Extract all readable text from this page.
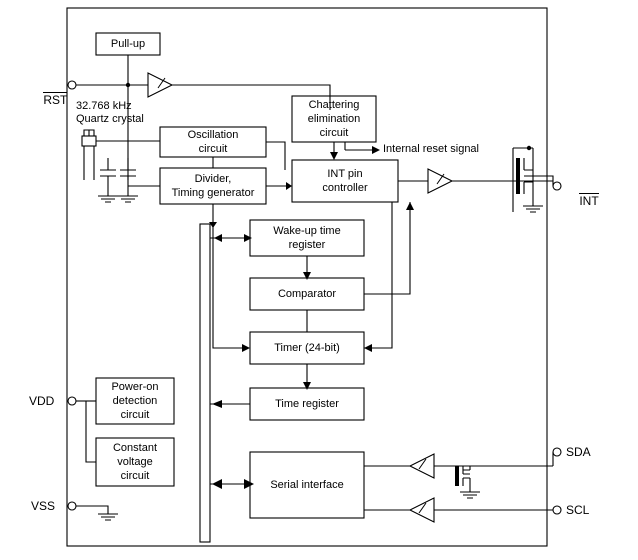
RST

VDD
VSS

INT

SDA
SCL
Pull-up
Oscillation
circuit
Divider,
Timing generator
Chattering
elimination
circuit
INT pin
controller
Wake-up time
register
Comparator
Timer (24-bit)
Time register
Power-on
detection
circuit
Constant
voltage
circuit
Serial interface
32.768 kHz
Quartz crystal
Internal reset signal
